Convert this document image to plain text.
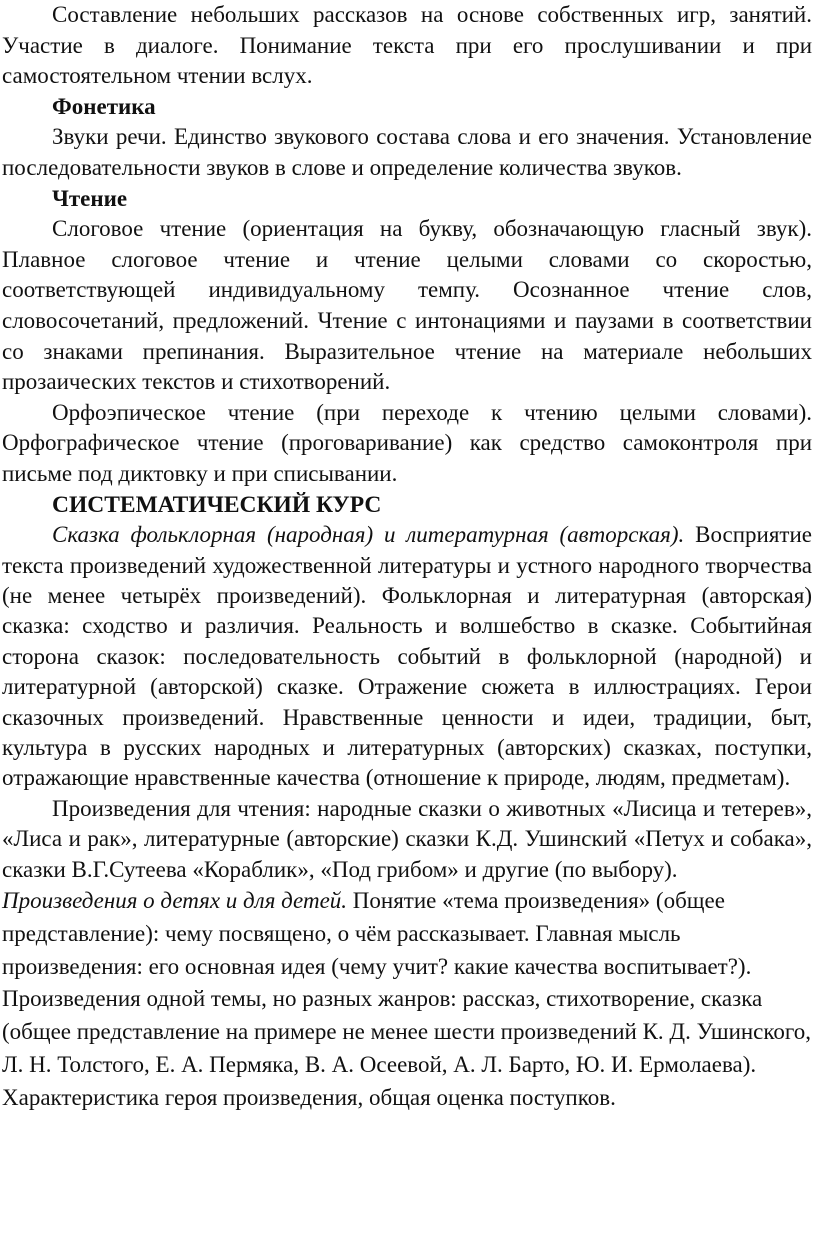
Составление небольших рассказов на основе собственных игр, занятий. Участие в диалоге. Понимание текста при его прослушивании и при самостоятельном чтении вслух.

Фонетика

Звуки речи. Единство звукового состава слова и его значения. Установление последовательности звуков в слове и определение количества звуков.

Чтение

Слоговое чтение (ориентация на букву, обозначающую гласный звук). Плавное слоговое чтение и чтение целыми словами со скоростью, соответствующей индивидуальному темпу. Осознанное чтение слов, словосочетаний, предложений. Чтение с интонациями и паузами в соответствии со знаками препинания. Выразительное чтение на материале небольших прозаических текстов и стихотворений.

Орфоэпическое чтение (при переходе к чтению целыми словами). Орфографическое чтение (проговаривание) как средство самоконтроля при письме под диктовку и при списывании.

СИСТЕМАТИЧЕСКИЙ КУРС

Сказка фольклорная (народная) и литературная (авторская). Восприятие текста произведений художественной литературы и устного народного творчества (не менее четырёх произведений). Фольклорная и литературная (авторская) сказка: сходство и различия. Реальность и волшебство в сказке. Событийная сторона сказок: последовательность событий в фольклорной (народной) и литературной (авторской) сказке. Отражение сюжета в иллюстрациях. Герои сказочных произведений. Нравственные ценности и идеи, традиции, быт, культура в русских народных и литературных (авторских) сказках, поступки, отражающие нравственные качества (отношение к природе, людям, предметам).

Произведения для чтения: народные сказки о животных «Лисица и тетерев», «Лиса и рак», литературные (авторские) сказки К.Д. Ушинский «Петух и собака», сказки В.Г.Сутеева «Кораблик», «Под грибом» и другие (по выбору).

Произведения о детях и для детей. Понятие «тема произведения» (общее представление): чему посвящено, о чём рассказывает. Главная мысль произведения: его основная идея (чему учит? какие качества воспитывает?). Произведения одной темы, но разных жанров: рассказ, стихотворение, сказка (общее представление на примере не менее шести произведений К. Д. Ушинского, Л. Н. Толстого, Е. А. Пермяка, В. А. Осеевой, А. Л. Барто, Ю. И. Ермолаева). Характеристика героя произведения, общая оценка поступков.
